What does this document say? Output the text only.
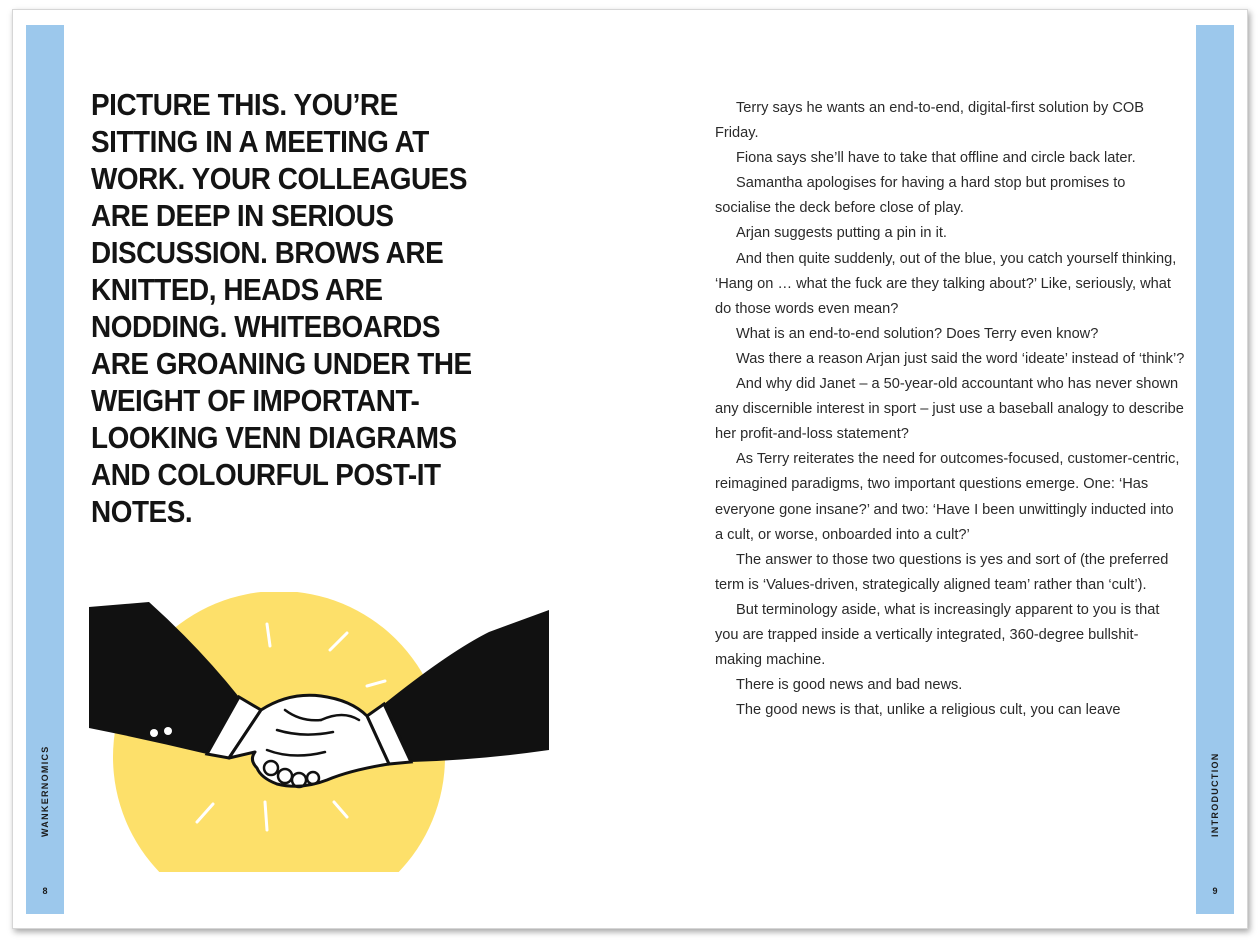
WANKERNOMICS
8
PICTURE THIS. YOU’RE SITTING IN A MEETING AT WORK. YOUR COLLEAGUES ARE DEEP IN SERIOUS DISCUSSION. BROWS ARE KNITTED, HEADS ARE NODDING. WHITEBOARDS ARE GROANING UNDER THE WEIGHT OF IMPORTANT-LOOKING VENN DIAGRAMS AND COLOURFUL POST-IT NOTES.

Terry says he wants an end-to-end, digital-first solution by COB Friday.

Fiona says she’ll have to take that offline and circle back later.

Samantha apologises for having a hard stop but promises to socialise the deck before close of play.

Arjan suggests putting a pin in it.

And then quite suddenly, out of the blue, you catch yourself thinking, ‘Hang on … what the fuck are they talking about?’ Like, seriously, what do those words even mean?

What is an end-to-end solution? Does Terry even know?

Was there a reason Arjan just said the word ‘ideate’ instead of ‘think’?

And why did Janet – a 50-year-old accountant who has never shown any discernible interest in sport – just use a baseball analogy to describe her profit-and-loss statement?

As Terry reiterates the need for outcomes-focused, customer-centric, reimagined paradigms, two important questions emerge. One: ‘Has everyone gone insane?’ and two: ‘Have I been unwittingly inducted into a cult, or worse, onboarded into a cult?’

The answer to those two questions is yes and sort of (the preferred term is ‘Values-driven, strategically aligned team’ rather than ‘cult’).

But terminology aside, what is increasingly apparent to you is that you are trapped inside a vertically integrated, 360-degree bullshit-making machine.

There is good news and bad news.

The good news is that, unlike a religious cult, you can leave

INTRODUCTION
9
